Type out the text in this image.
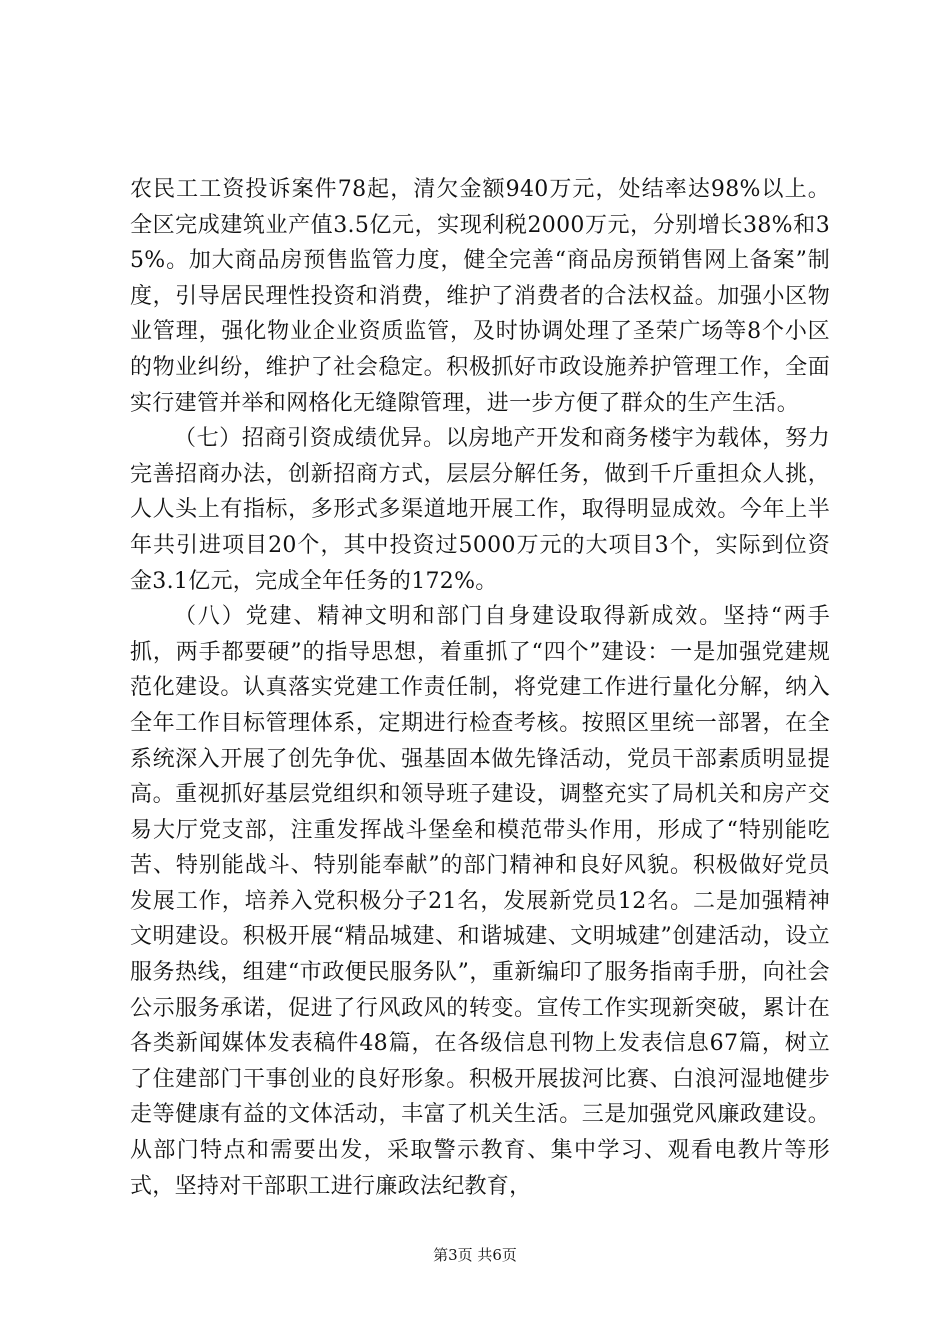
农民工工资投诉案件78起，清欠金额940万元，处结率达98%以上。全区完成建筑业产值3.5亿元，实现利税2000万元，分别增长38%和35%。加大商品房预售监管力度，健全完善“商品房预销售网上备案”制度，引导居民理性投资和消费，维护了消费者的合法权益。加强小区物业管理，强化物业企业资质监管，及时协调处理了圣荣广场等8个小区的物业纠纷，维护了社会稳定。积极抓好市政设施养护管理工作，全面实行建管并举和网格化无缝隙管理，进一步方便了群众的生产生活。

（七）招商引资成绩优异。以房地产开发和商务楼宇为载体，努力完善招商办法，创新招商方式，层层分解任务，做到千斤重担众人挑，人人头上有指标，多形式多渠道地开展工作，取得明显成效。今年上半年共引进项目20个，其中投资过5000万元的大项目3个，实际到位资金3.1亿元，完成全年任务的172%。

（八）党建、精神文明和部门自身建设取得新成效。坚持“两手抓，两手都要硬”的指导思想，着重抓了“四个”建设：一是加强党建规范化建设。认真落实党建工作责任制，将党建工作进行量化分解，纳入全年工作目标管理体系，定期进行检查考核。按照区里统一部署，在全系统深入开展了创先争优、强基固本做先锋活动，党员干部素质明显提高。重视抓好基层党组织和领导班子建设，调整充实了局机关和房产交易大厅党支部，注重发挥战斗堡垒和模范带头作用，形成了“特别能吃苦、特别能战斗、特别能奉献”的部门精神和良好风貌。积极做好党员发展工作，培养入党积极分子21名，发展新党员12名。二是加强精神文明建设。积极开展“精品城建、和谐城建、文明城建”创建活动，设立服务热线，组建“市政便民服务队”，重新编印了服务指南手册，向社会公示服务承诺，促进了行风政风的转变。宣传工作实现新突破，累计在各类新闻媒体发表稿件48篇，在各级信息刊物上发表信息67篇，树立了住建部门干事创业的良好形象。积极开展拔河比赛、白浪河湿地健步走等健康有益的文体活动，丰富了机关生活。三是加强党风廉政建设。从部门特点和需要出发，采取警示教育、集中学习、观看电教片等形式，坚持对干部职工进行廉政法纪教育，

第3页 共6页
